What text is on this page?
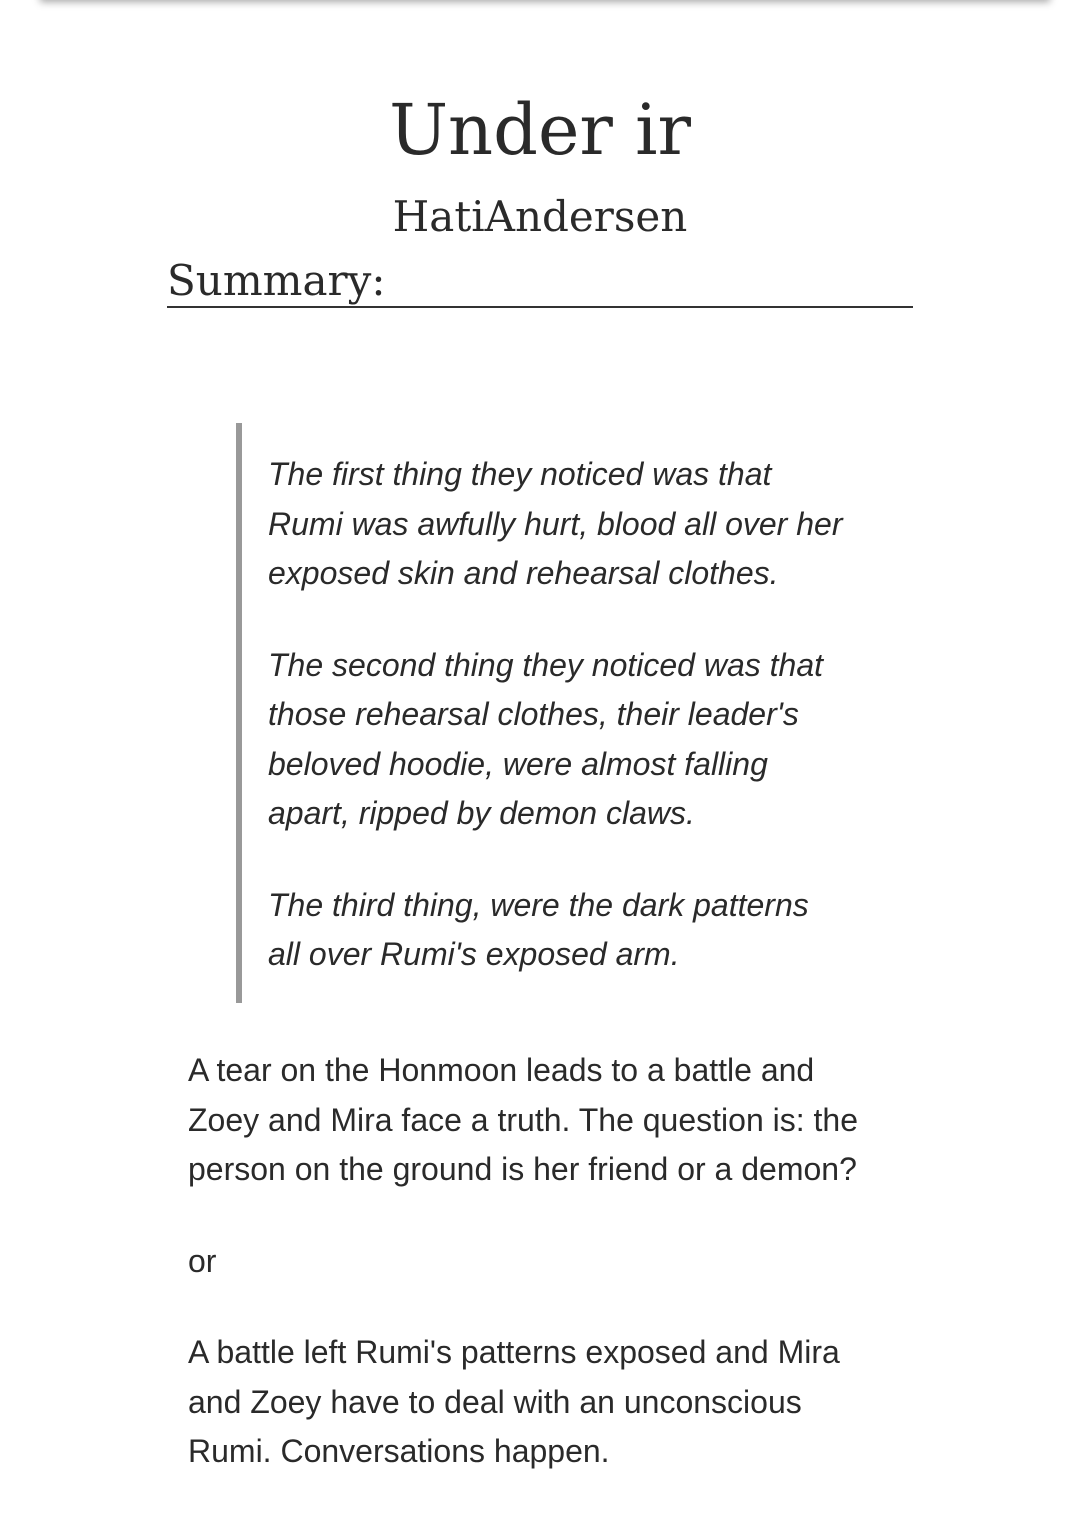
Under ir
HatiAndersen
Summary:

The first thing they noticed was that
Rumi was awfully hurt, blood all over her
exposed skin and rehearsal clothes.

The second thing they noticed was that
those rehearsal clothes, their leader's
beloved hoodie, were almost falling
apart, ripped by demon claws.

The third thing, were the dark patterns
all over Rumi's exposed arm.

A tear on the Honmoon leads to a battle and
Zoey and Mira face a truth. The question is: the
person on the ground is her friend or a demon?

or

A battle left Rumi's patterns exposed and Mira
and Zoey have to deal with an unconscious
Rumi. Conversations happen.
